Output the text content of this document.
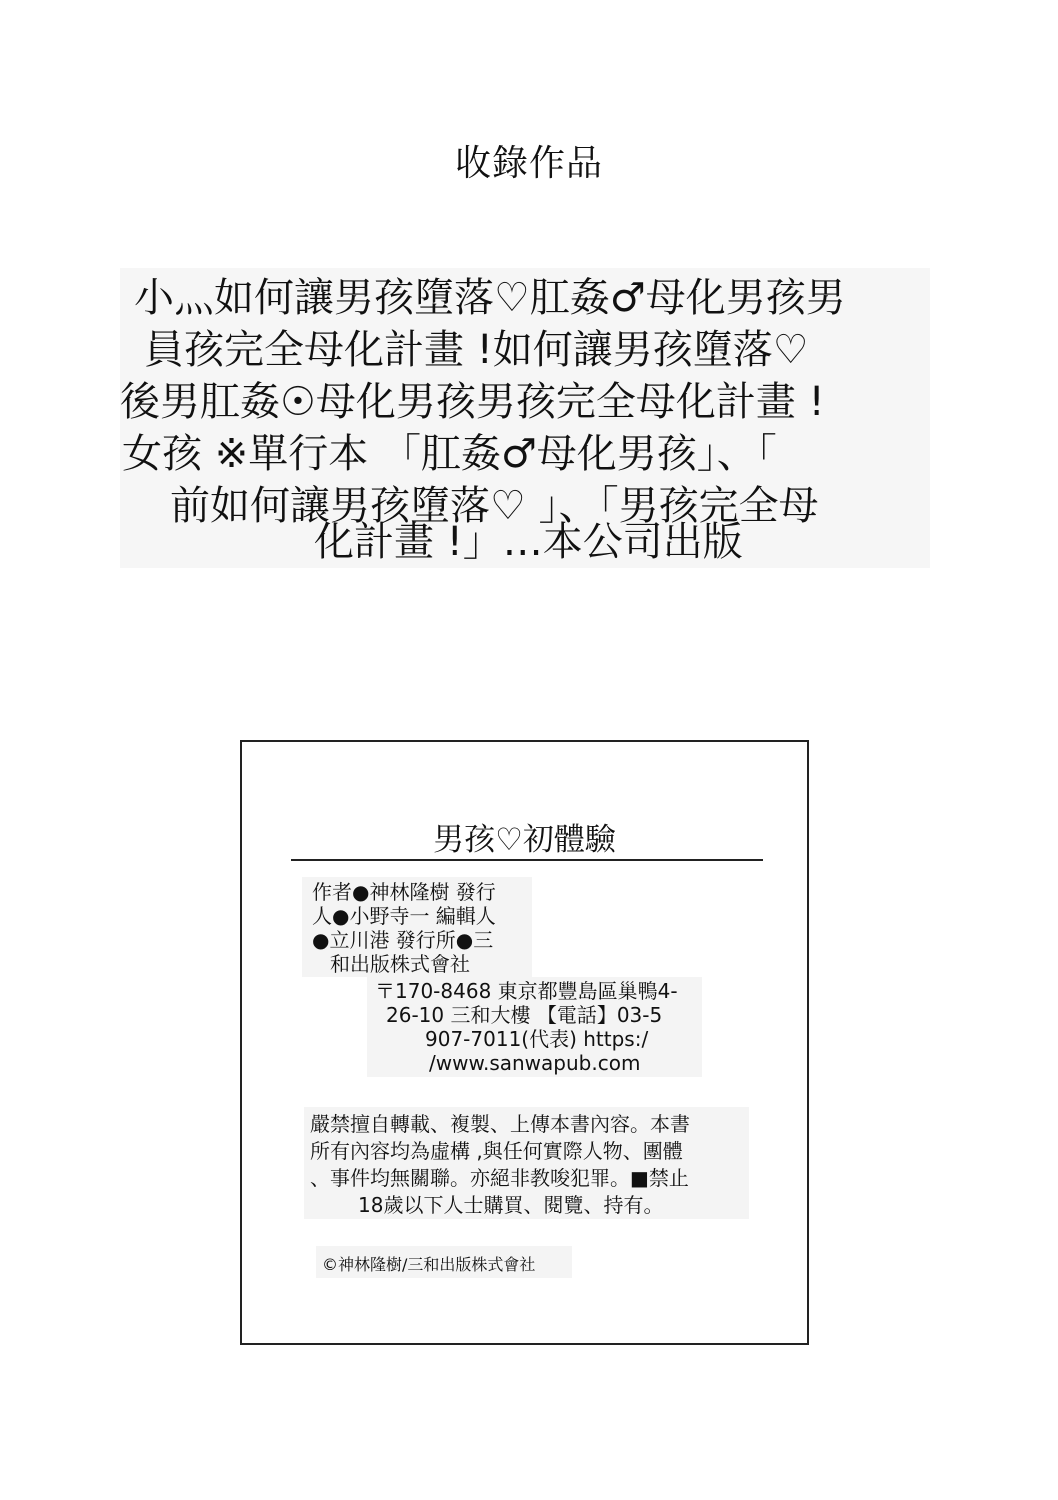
收錄作品
小灬如何讓男孩墮落♡肛姦♂母化男孩男
員孩完全母化計畫 !如何讓男孩墮落♡
後男肛姦☉母化男孩男孩完全母化計畫 !
女孩 ※單行本 「肛姦♂母化男孩」、「
前如何讓男孩墮落♡ 」、「男孩完全母
化計畫 !」…本公司出版
男孩♡初體驗
作者●神林隆樹 發行
人●小野寺一 編輯人
●立川港 發行所●三
和出版株式會社
〒170-8468 東京都豐島區巢鴨4-
26-10 三和大樓 【電話】03-5
907-7011(代表) https:/
/www.sanwapub.com
嚴禁擅自轉載、複製、上傳本書內容。本書
所有內容均為虛構 ,與任何實際人物、團體
、事件均無關聯。亦絕非教唆犯罪。■禁止
18歲以下人士購買、閱覽、持有。
©神林隆樹/三和出版株式會社
